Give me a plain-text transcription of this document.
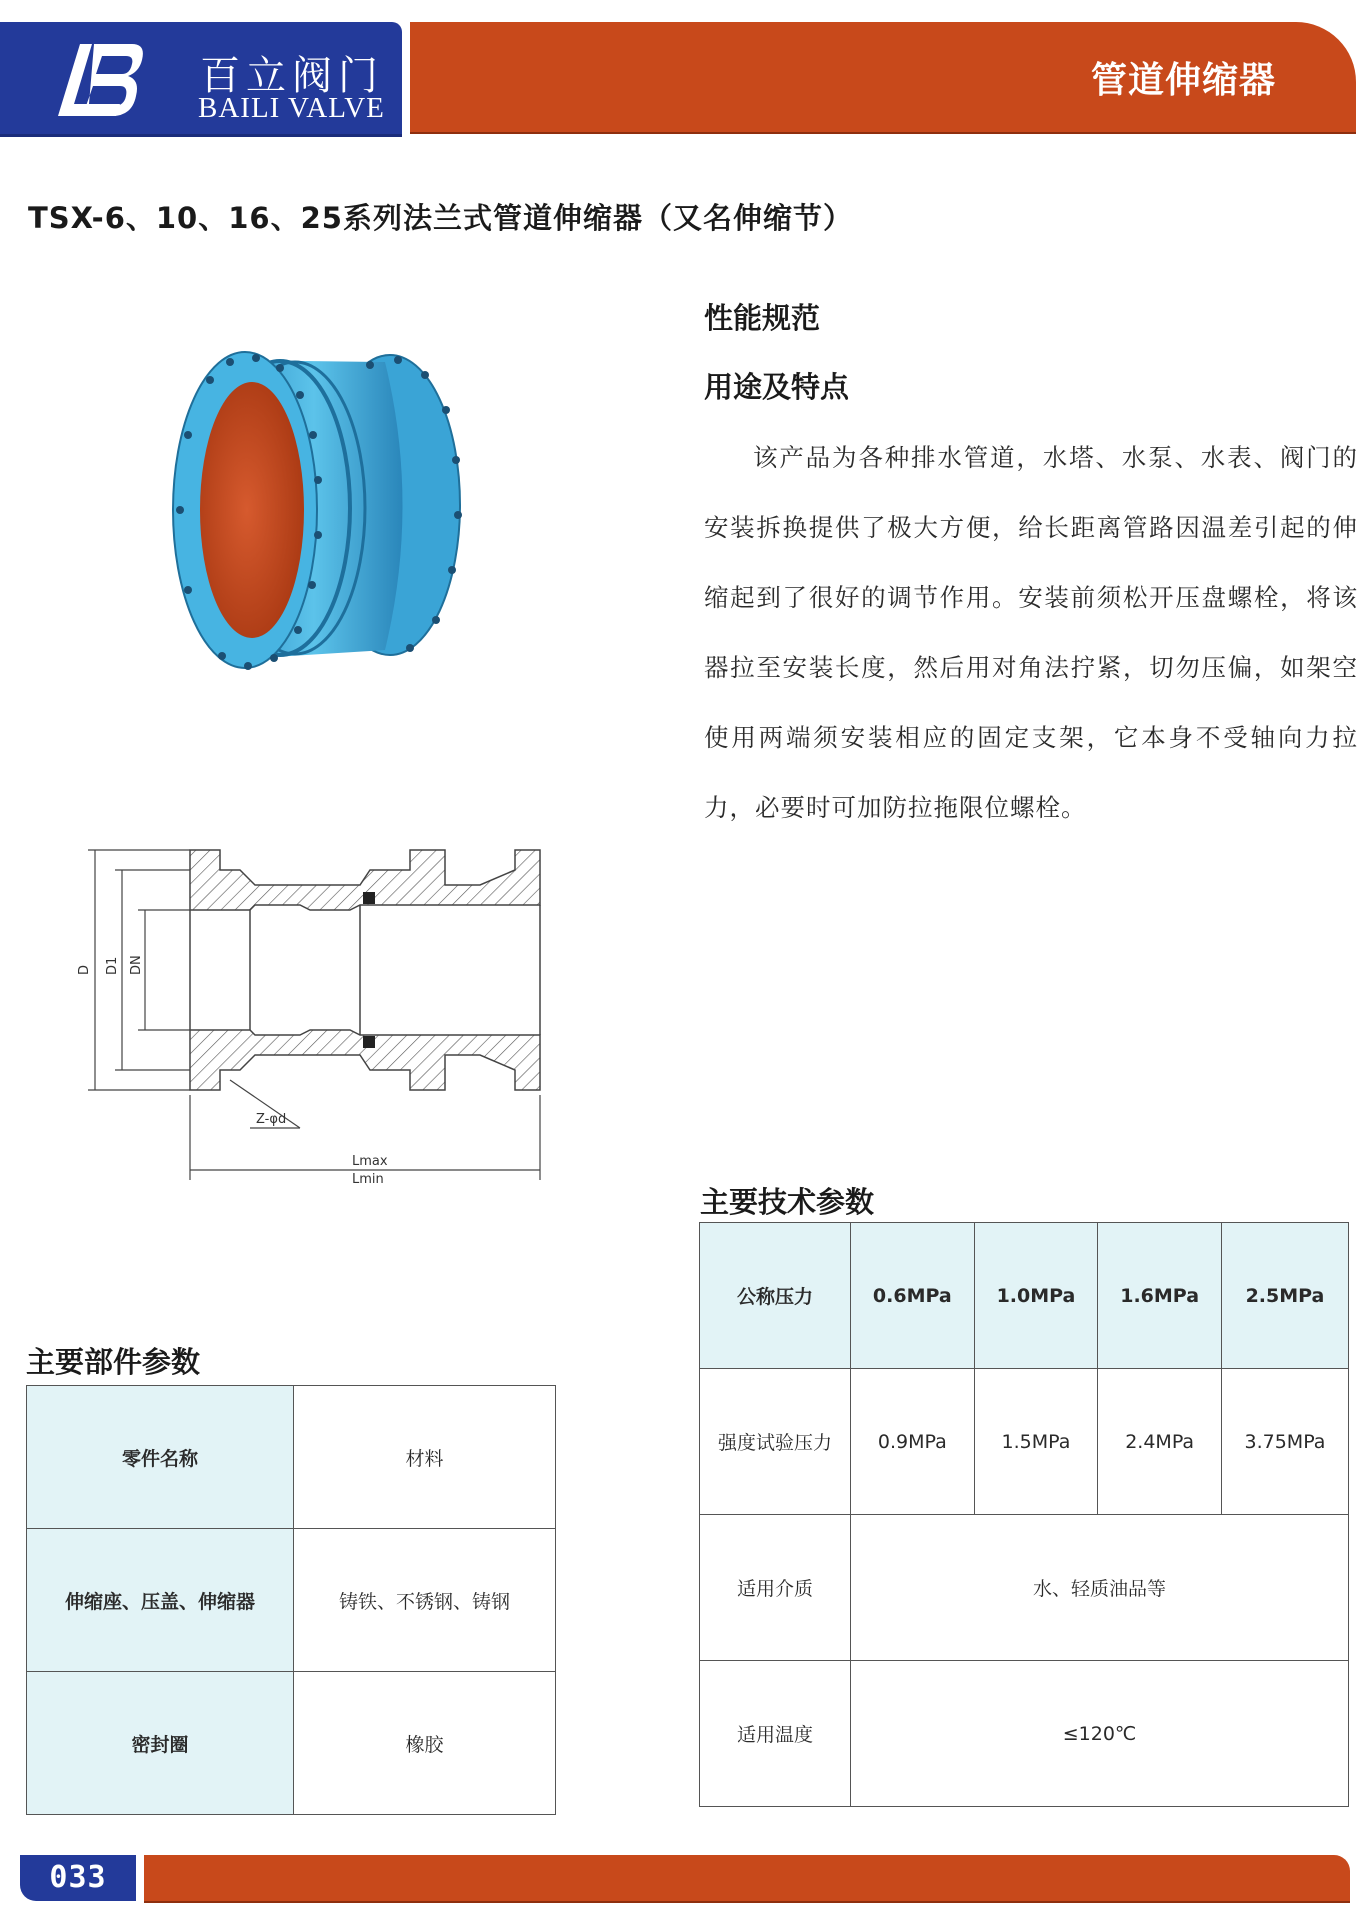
百立阀门
BAILI VALVE
管道伸缩器
TSX-6、10、16、25系列法兰式管道伸缩器（又名伸缩节）
性能规范
用途及特点

该产品为各种排水管道，水塔、水泵、水表、阀门的安装拆换提供了极大方便，给长距离管路因温差引起的伸缩起到了很好的调节作用。安装前须松开压盘螺栓，将该器拉至安装长度，然后用对角法拧紧，切勿压偏，如架空使用两端须安装相应的固定支架，它本身不受轴向力拉力，必要时可加防拉拖限位螺栓。

D D1 DN
Z-φd
Lmax
Lmin
主要技术参数
公称压力	0.6MPa	1.0MPa	1.6MPa	2.5MPa
强度试验压力	0.9MPa	1.5MPa	2.4MPa	3.75MPa
适用介质	水、轻质油品等			
适用温度	≤120℃			
主要部件参数
零件名称	材料
伸缩座、压盖、伸缩器	铸铁、不锈钢、铸钢
密封圈	橡胶
033
